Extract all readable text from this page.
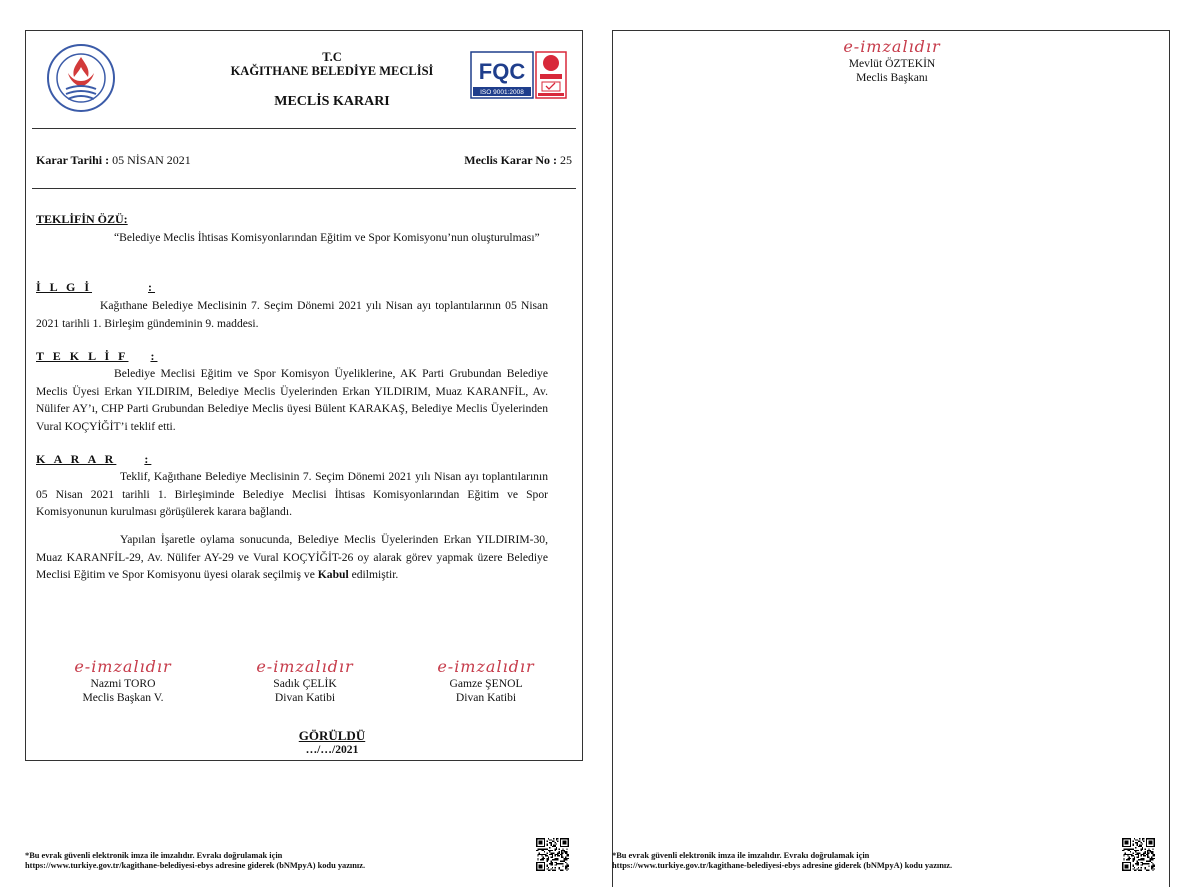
T.C
KAĞITHANE BELEDİYE MECLİSİ
MECLİS KARARI
FQC
ISO 9001:2008
Karar Tarihi : 05 NİSAN 2021	Meclis Karar No : 25
TEKLİFİN ÖZÜ:
“Belediye Meclis İhtisas Komisyonlarından Eğitim ve Spor Komisyonu’nun oluşturulması”
İ L G İ	:
Kağıthane Belediye Meclisinin 7. Seçim Dönemi 2021 yılı Nisan ayı toplantılarının 05 Nisan 2021 tarihli 1. Birleşim gündeminin 9. maddesi.
T E K L İ F :
Belediye Meclisi Eğitim ve Spor Komisyon Üyeliklerine, AK Parti Grubundan Belediye Meclis Üyesi Erkan YILDIRIM, Belediye Meclis Üyelerinden Erkan YILDIRIM, Muaz KARANFİL, Av. Nülifer AY’ı, CHP Parti Grubundan Belediye Meclis üyesi Bülent KARAKAŞ, Belediye Meclis Üyelerinden Vural KOÇYİĞİT’i teklif etti.
K A R A R :
Teklif, Kağıthane Belediye Meclisinin 7. Seçim Dönemi 2021 yılı Nisan ayı toplantılarının 05 Nisan 2021 tarihli 1. Birleşiminde Belediye Meclisi İhtisas Komisyonlarından Eğitim ve Spor Komisyonunun kurulması görüşülerek karara bağlandı.
Yapılan İşaretle oylama sonucunda, Belediye Meclis Üyelerinden Erkan YILDIRIM-30, Muaz KARANFİL-29, Av. Nülifer AY-29 ve Vural KOÇYİĞİT-26 oy alarak görev yapmak üzere Belediye Meclisi Eğitim ve Spor Komisyonu üyesi olarak seçilmiş ve Kabul edilmiştir.
e-imzalıdır
Nazmi TORO
Meclis Başkan V.
e-imzalıdır
Sadık ÇELİK
Divan Katibi
e-imzalıdır
Gamze ŞENOL
Divan Katibi
GÖRÜLDÜ
…/…/2021
e-imzalıdır
Mevlüt ÖZTEKİN
Meclis Başkanı
*Bu evrak güvenli elektronik imza ile imzalıdır. Evrakı doğrulamak için
https://www.turkiye.gov.tr/kagithane-belediyesi-ebys adresine giderek (bNMpyA) kodu yazınız.
*Bu evrak güvenli elektronik imza ile imzalıdır. Evrakı doğrulamak için
https://www.turkiye.gov.tr/kagithane-belediyesi-ebys adresine giderek (bNMpyA) kodu yazınız.
